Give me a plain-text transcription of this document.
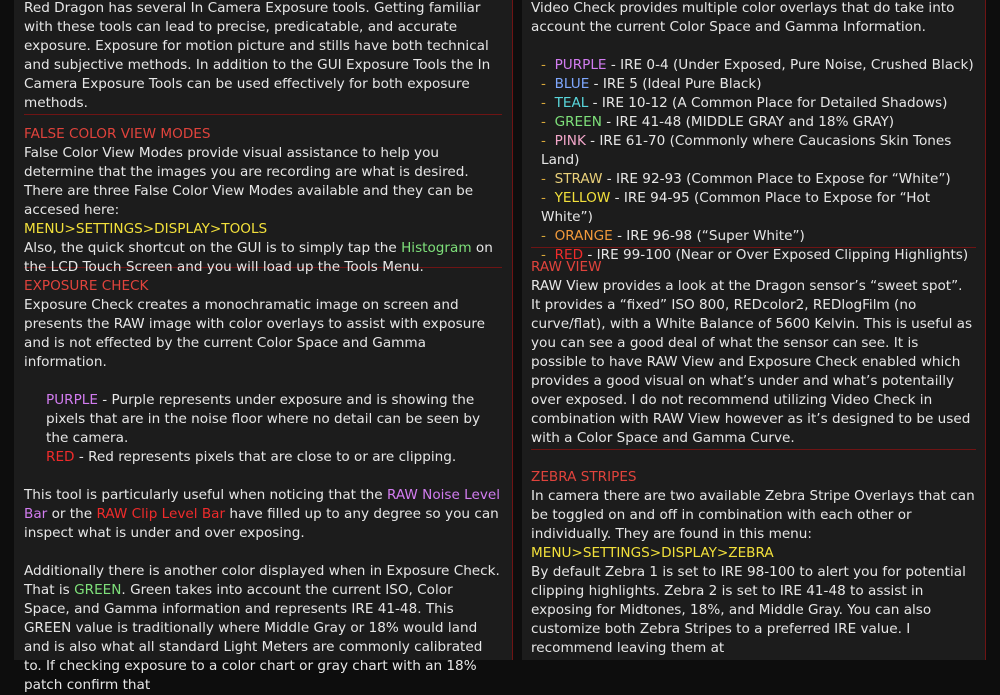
Red Dragon has several In Camera Exposure tools. Getting familiar with these tools can lead to precise, predicatable, and accurate exposure. Exposure for motion picture and stills have both technical and subjective methods. In addition to the GUI Exposure Tools the In Camera Exposure Tools can be used effectively for both exposure methods.

FALSE COLOR VIEW MODES

False Color View Modes provide visual assistance to help you determine that the images you are recording are what is desired. There are three False Color View Modes available and they can be accesed here:

MENU>SETTINGS>DISPLAY>TOOLS

Also, the quick shortcut on the GUI is to simply tap the Histogram on the LCD Touch Screen and you will load up the Tools Menu.

EXPOSURE CHECK

Exposure Check creates a monochramatic image on screen and presents the RAW image with color overlays to assist with exposure and is not effected by the current Color Space and Gamma information.

PURPLE - Purple represents under exposure and is showing the pixels that are in the noise floor where no detail can be seen by the camera.

RED - Red represents pixels that are close to or are clipping.

This tool is particularly useful when noticing that the RAW Noise Level Bar or the RAW Clip Level Bar have filled up to any degree so you can inspect what is under and over exposing.

Additionally there is another color displayed when in Exposure Check. That is GREEN. Green takes into account the current ISO, Color Space, and Gamma information and represents IRE 41-48. This GREEN value is traditionally where Middle Gray or 18% would land and is also what all standard Light Meters are commonly calibrated to. If checking exposure to a color chart or gray chart with an 18% patch confirm that

Video Check provides multiple color overlays that do take into account the current Color Space and Gamma Information.

- PURPLE - IRE 0-4 (Under Exposed, Pure Noise, Crushed Black)
- BLUE - IRE 5 (Ideal Pure Black)
- TEAL - IRE 10-12 (A Common Place for Detailed Shadows)
- GREEN - IRE 41-48 (MIDDLE GRAY and 18% GRAY)
- PINK - IRE 61-70 (Commonly where Caucasions Skin Tones Land)
- STRAW - IRE 92-93 (Common Place to Expose for “White”)
- YELLOW - IRE 94-95 (Common Place to Expose for “Hot White”)
- ORANGE - IRE 96-98 (“Super White”)
- RED - IRE 99-100 (Near or Over Exposed Clipping Highlights)

RAW VIEW

RAW View provides a look at the Dragon sensor’s “sweet spot”. It provides a “fixed” ISO 800, REDcolor2, REDlogFilm (no curve/flat), with a White Balance of 5600 Kelvin. This is useful as you can see a good deal of what the sensor can see. It is possible to have RAW View and Exposure Check enabled which provides a good visual on what’s under and what’s potentailly over exposed. I do not recommend utilizing Video Check in combination with RAW View however as it’s designed to be used with a Color Space and Gamma Curve.

ZEBRA STRIPES

In camera there are two available Zebra Stripe Overlays that can be toggled on and off in combination with each other or individually. They are found in this menu:

MENU>SETTINGS>DISPLAY>ZEBRA

By default Zebra 1 is set to IRE 98-100 to alert you for potential clipping highlights. Zebra 2 is set to IRE 41-48 to assist in exposing for Midtones, 18%, and Middle Gray. You can also customize both Zebra Stripes to a preferred IRE value. I recommend leaving them at
